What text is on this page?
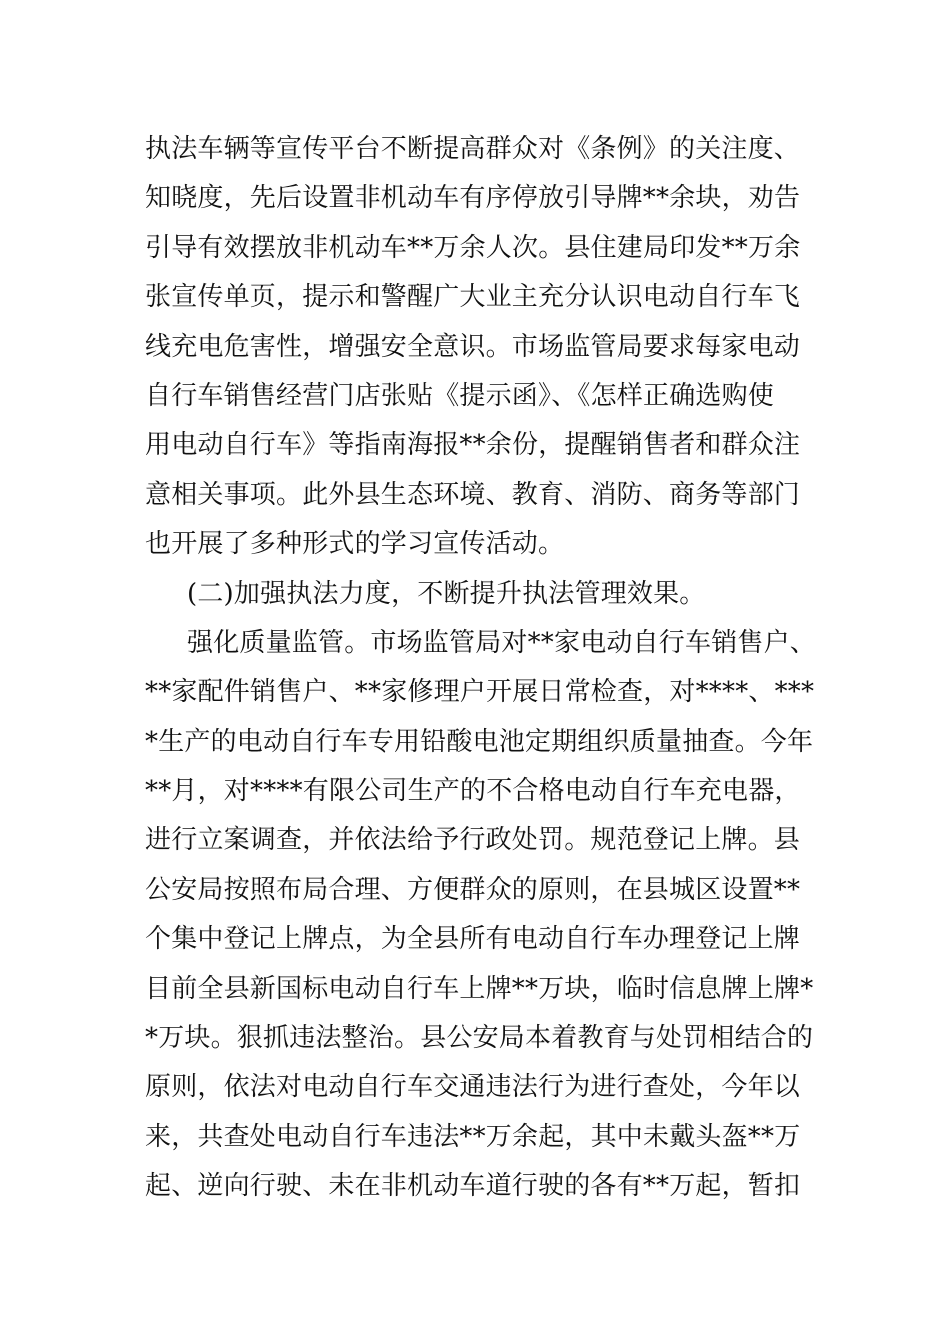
执法车辆等宣传平台不断提高群众对《条例》的关注度、
知晓度，先后设置非机动车有序停放引导牌**余块，劝告
引导有效摆放非机动车**万余人次。县住建局印发**万余
张宣传单页，提示和警醒广大业主充分认识电动自行车飞
线充电危害性，增强安全意识。市场监管局要求每家电动
自行车销售经营门店张贴《提示函》、《怎样正确选购使
用电动自行车》等指南海报**余份，提醒销售者和群众注
意相关事项。此外县生态环境、教育、消防、商务等部门
也开展了多种形式的学习宣传活动。
(二)加强执法力度，不断提升执法管理效果。
强化质量监管。市场监管局对**家电动自行车销售户、
**家配件销售户、**家修理户开展日常检查，对****、***
*生产的电动自行车专用铅酸电池定期组织质量抽查。今年
**月，对****有限公司生产的不合格电动自行车充电器，
进行立案调查，并依法给予行政处罚。规范登记上牌。县
公安局按照布局合理、方便群众的原则，在县城区设置**
个集中登记上牌点，为全县所有电动自行车办理登记上牌
目前全县新国标电动自行车上牌**万块，临时信息牌上牌*
*万块。狠抓违法整治。县公安局本着教育与处罚相结合的
原则，依法对电动自行车交通违法行为进行查处，今年以
来，共查处电动自行车违法**万余起，其中未戴头盔**万
起、逆向行驶、未在非机动车道行驶的各有**万起，暂扣
